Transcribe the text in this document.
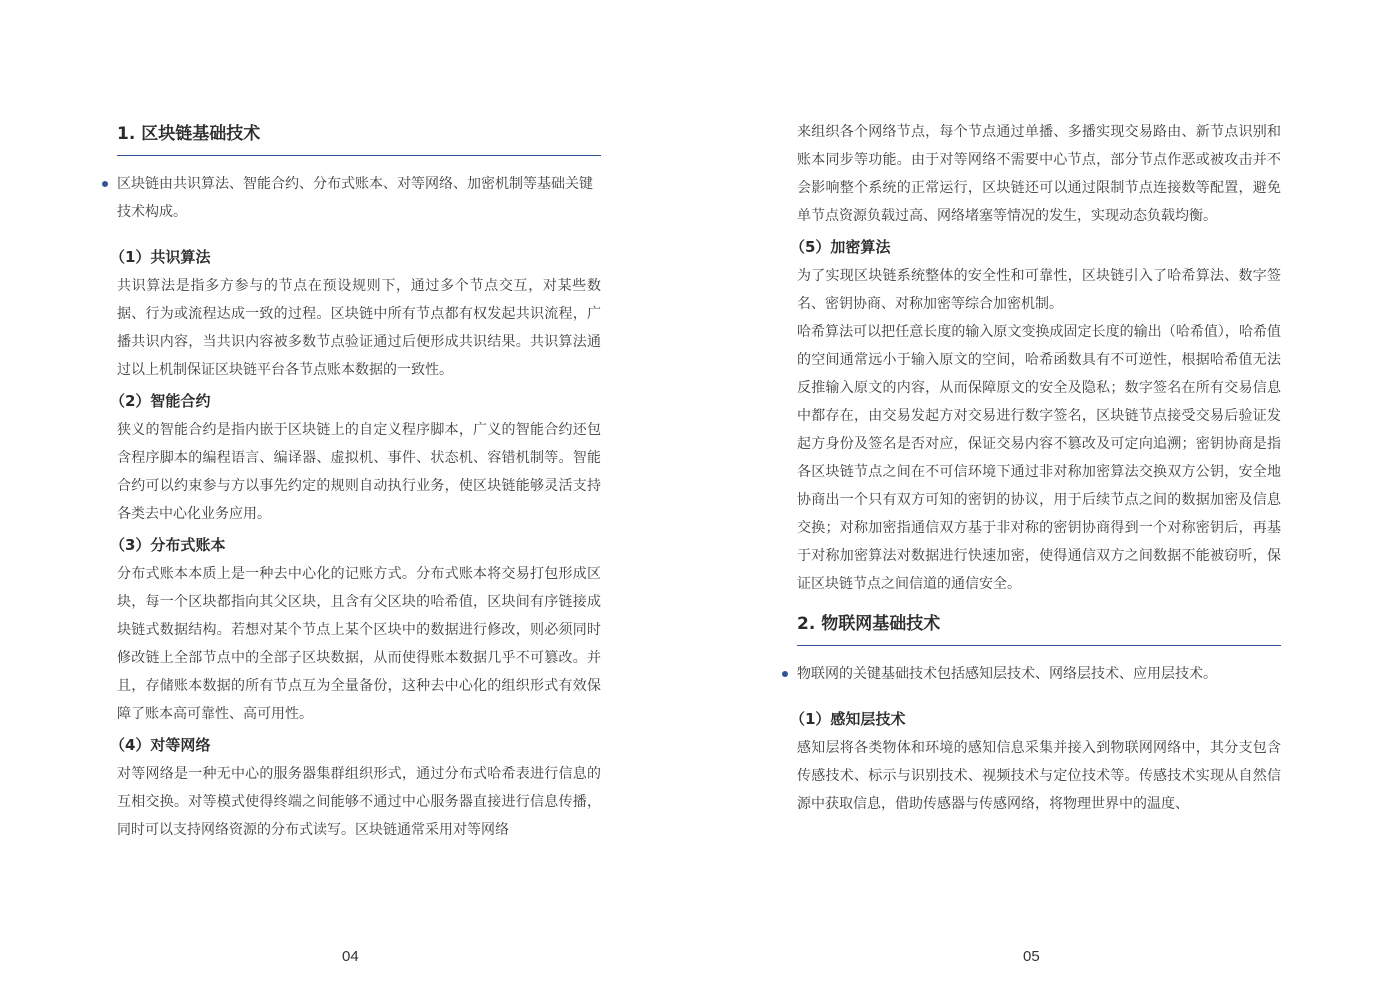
1. 区块链基础技术
区块链由共识算法、智能合约、分布式账本、对等网络、加密机制等基础关键技术构成。
（1）共识算法

共识算法是指多方参与的节点在预设规则下，通过多个节点交互，对某些数据、行为或流程达成一致的过程。区块链中所有节点都有权发起共识流程，广播共识内容，当共识内容被多数节点验证通过后便形成共识结果。共识算法通过以上机制保证区块链平台各节点账本数据的一致性。

（2）智能合约

狭义的智能合约是指内嵌于区块链上的自定义程序脚本，广义的智能合约还包含程序脚本的编程语言、编译器、虚拟机、事件、状态机、容错机制等。智能合约可以约束参与方以事先约定的规则自动执行业务，使区块链能够灵活支持各类去中心化业务应用。

（3）分布式账本

分布式账本本质上是一种去中心化的记账方式。分布式账本将交易打包形成区块，每一个区块都指向其父区块，且含有父区块的哈希值，区块间有序链接成块链式数据结构。若想对某个节点上某个区块中的数据进行修改，则必须同时修改链上全部节点中的全部子区块数据，从而使得账本数据几乎不可篡改。并且，存储账本数据的所有节点互为全量备份，这种去中心化的组织形式有效保障了账本高可靠性、高可用性。

（4）对等网络

对等网络是一种无中心的服务器集群组织形式，通过分布式哈希表进行信息的互相交换。对等模式使得终端之间能够不通过中心服务器直接进行信息传播，同时可以支持网络资源的分布式读写。区块链通常采用对等网络

04

来组织各个网络节点，每个节点通过单播、多播实现交易路由、新节点识别和账本同步等功能。由于对等网络不需要中心节点，部分节点作恶或被攻击并不会影响整个系统的正常运行，区块链还可以通过限制节点连接数等配置，避免单节点资源负载过高、网络堵塞等情况的发生，实现动态负载均衡。

（5）加密算法

为了实现区块链系统整体的安全性和可靠性，区块链引入了哈希算法、数字签名、密钥协商、对称加密等综合加密机制。

哈希算法可以把任意长度的输入原文变换成固定长度的输出（哈希值），哈希值的空间通常远小于输入原文的空间，哈希函数具有不可逆性，根据哈希值无法反推输入原文的内容，从而保障原文的安全及隐私；数字签名在所有交易信息中都存在，由交易发起方对交易进行数字签名，区块链节点接受交易后验证发起方身份及签名是否对应，保证交易内容不篡改及可定向追溯；密钥协商是指各区块链节点之间在不可信环境下通过非对称加密算法交换双方公钥，安全地协商出一个只有双方可知的密钥的协议，用于后续节点之间的数据加密及信息交换；对称加密指通信双方基于非对称的密钥协商得到一个对称密钥后，再基于对称加密算法对数据进行快速加密，使得通信双方之间数据不能被窃听，保证区块链节点之间信道的通信安全。

2. 物联网基础技术
物联网的关键基础技术包括感知层技术、网络层技术、应用层技术。
（1）感知层技术

感知层将各类物体和环境的感知信息采集并接入到物联网网络中，其分支包含传感技术、标示与识别技术、视频技术与定位技术等。传感技术实现从自然信源中获取信息，借助传感器与传感网络，将物理世界中的温度、

05
